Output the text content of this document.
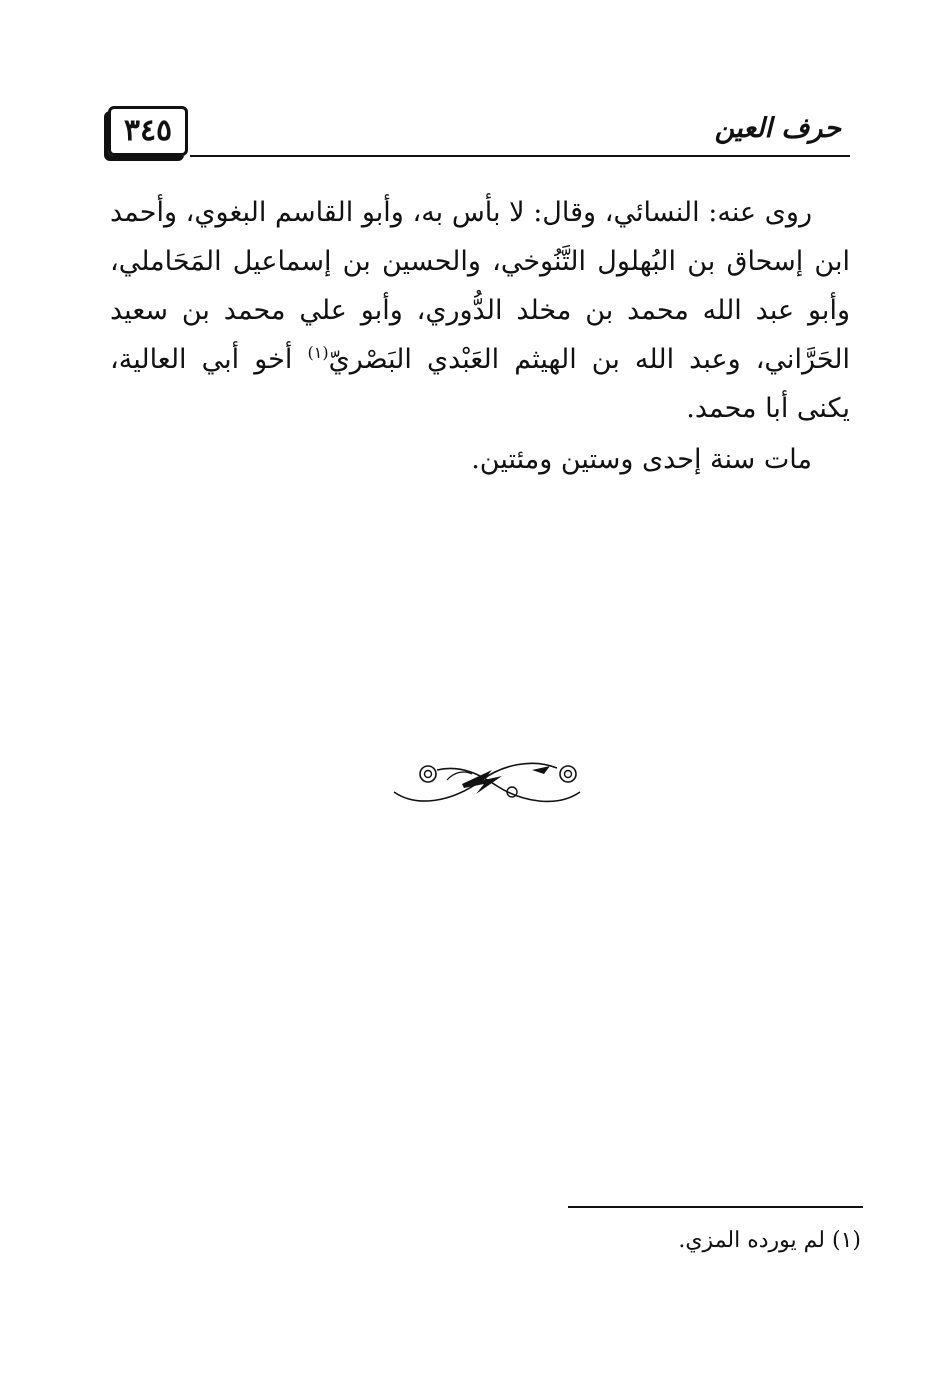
٣٤٥	حرف العين

روى عنه: النسائي، وقال: لا بأس به، وأبو القاسم البغوي، وأحمد ابن إسحاق بن البُهلول التَّنُوخي، والحسين بن إسماعيل المَحَاملي، وأبو عبد الله محمد بن مخلد الدُّوري، وأبو علي محمد بن سعيد الحَرَّاني، وعبد الله بن الهيثم العَبْدي البَصْريّ$^{(١)}$ أخو أبي العالية، يكنى أبا محمد.

مات سنة إحدى وستين ومئتين.

(١) لم يورده المزي.
